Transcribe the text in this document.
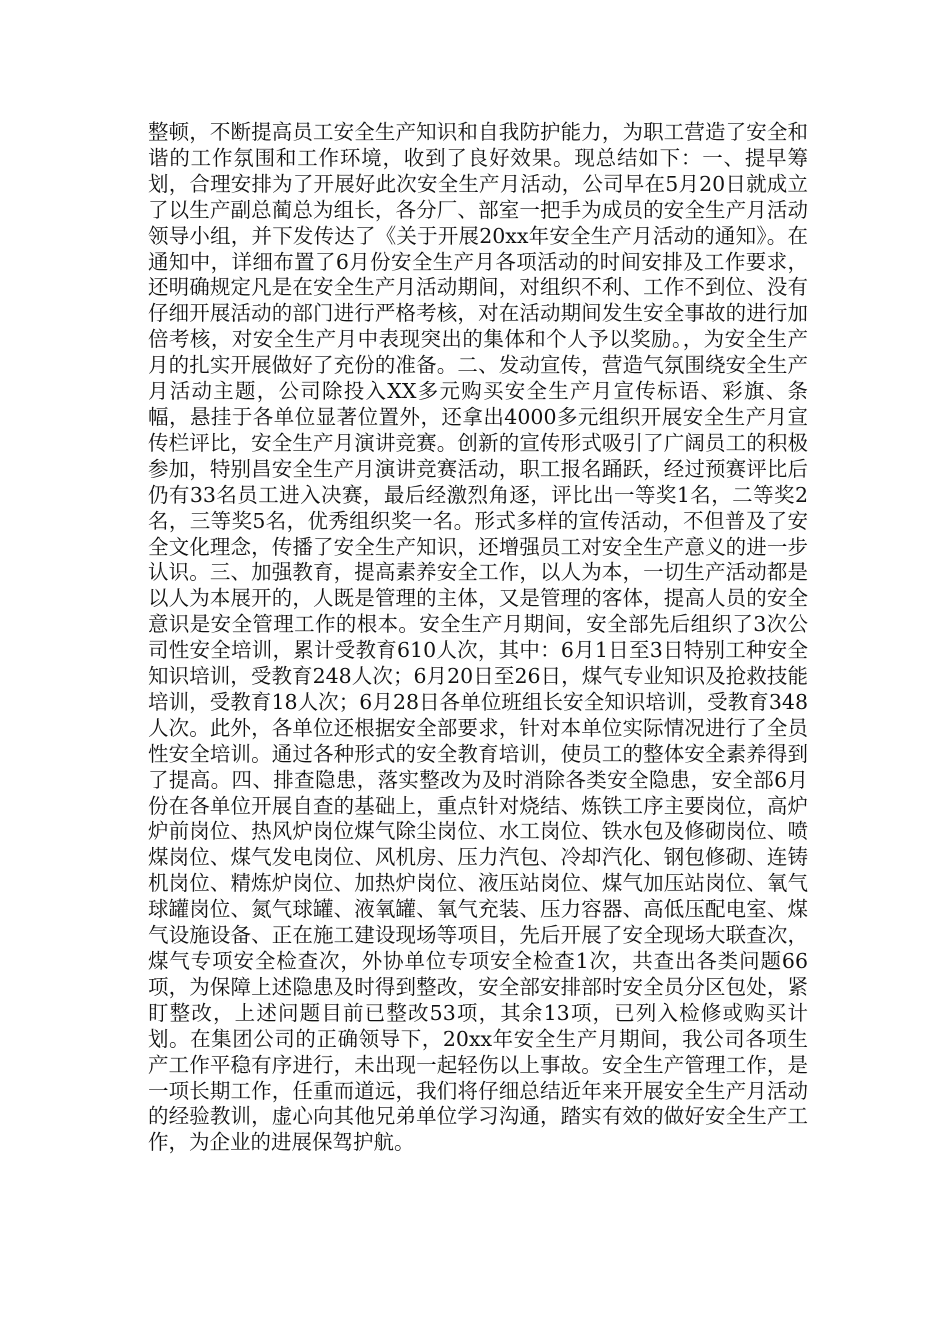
整顿，不断提高员工安全生产知识和自我防护能力，为职工营造了安全和谐的工作氛围和工作环境，收到了良好效果。现总结如下：一、提早筹划，合理安排为了开展好此次安全生产月活动，公司早在5月20日就成立了以生产副总蔺总为组长，各分厂、部室一把手为成员的安全生产月活动领导小组，并下发传达了《关于开展20xx年安全生产月活动的通知》。在通知中，详细布置了6月份安全生产月各项活动的时间安排及工作要求，还明确规定凡是在安全生产月活动期间，对组织不利、工作不到位、没有仔细开展活动的部门进行严格考核，对在活动期间发生安全事故的进行加倍考核，对安全生产月中表现突出的集体和个人予以奖励。，为安全生产月的扎实开展做好了充份的准备。二、发动宣传，营造气氛围绕安全生产月活动主题，公司除投入XX多元购买安全生产月宣传标语、彩旗、条幅，悬挂于各单位显著位置外，还拿出4000多元组织开展安全生产月宣传栏评比，安全生产月演讲竞赛。创新的宣传形式吸引了广阔员工的积极参加，特别昌安全生产月演讲竞赛活动，职工报名踊跃，经过预赛评比后仍有33名员工进入决赛，最后经激烈角逐，评比出一等奖1名，二等奖2名，三等奖5名，优秀组织奖一名。形式多样的宣传活动，不但普及了安全文化理念，传播了安全生产知识，还增强员工对安全生产意义的进一步认识。三、加强教育，提高素养安全工作，以人为本，一切生产活动都是以人为本展开的，人既是管理的主体，又是管理的客体，提高人员的安全意识是安全管理工作的根本。安全生产月期间，安全部先后组织了3次公司性安全培训，累计受教育610人次，其中：6月1日至3日特别工种安全知识培训，受教育248人次；6月20日至26日，煤气专业知识及抢救技能培训，受教育18人次；6月28日各单位班组长安全知识培训，受教育348人次。此外，各单位还根据安全部要求，针对本单位实际情况进行了全员性安全培训。通过各种形式的安全教育培训，使员工的整体安全素养得到了提高。四、排查隐患，落实整改为及时消除各类安全隐患，安全部6月份在各单位开展自查的基础上，重点针对烧结、炼铁工序主要岗位，高炉炉前岗位、热风炉岗位煤气除尘岗位、水工岗位、铁水包及修砌岗位、喷煤岗位、煤气发电岗位、风机房、压力汽包、冷却汽化、钢包修砌、连铸机岗位、精炼炉岗位、加热炉岗位、液压站岗位、煤气加压站岗位、氧气球罐岗位、氮气球罐、液氧罐、氧气充装、压力容器、高低压配电室、煤气设施设备、正在施工建设现场等项目，先后开展了安全现场大联查次，煤气专项安全检查次，外协单位专项安全检查1次，共查出各类问题66项，为保障上述隐患及时得到整改，安全部安排部时安全员分区包处，紧盯整改，上述问题目前已整改53项，其余13项，已列入检修或购买计划。在集团公司的正确领导下，20xx年安全生产月期间，我公司各项生产工作平稳有序进行，未出现一起轻伤以上事故。安全生产管理工作，是一项长期工作，任重而道远，我们将仔细总结近年来开展安全生产月活动的经验教训，虚心向其他兄弟单位学习沟通，踏实有效的做好安全生产工作，为企业的进展保驾护航。
